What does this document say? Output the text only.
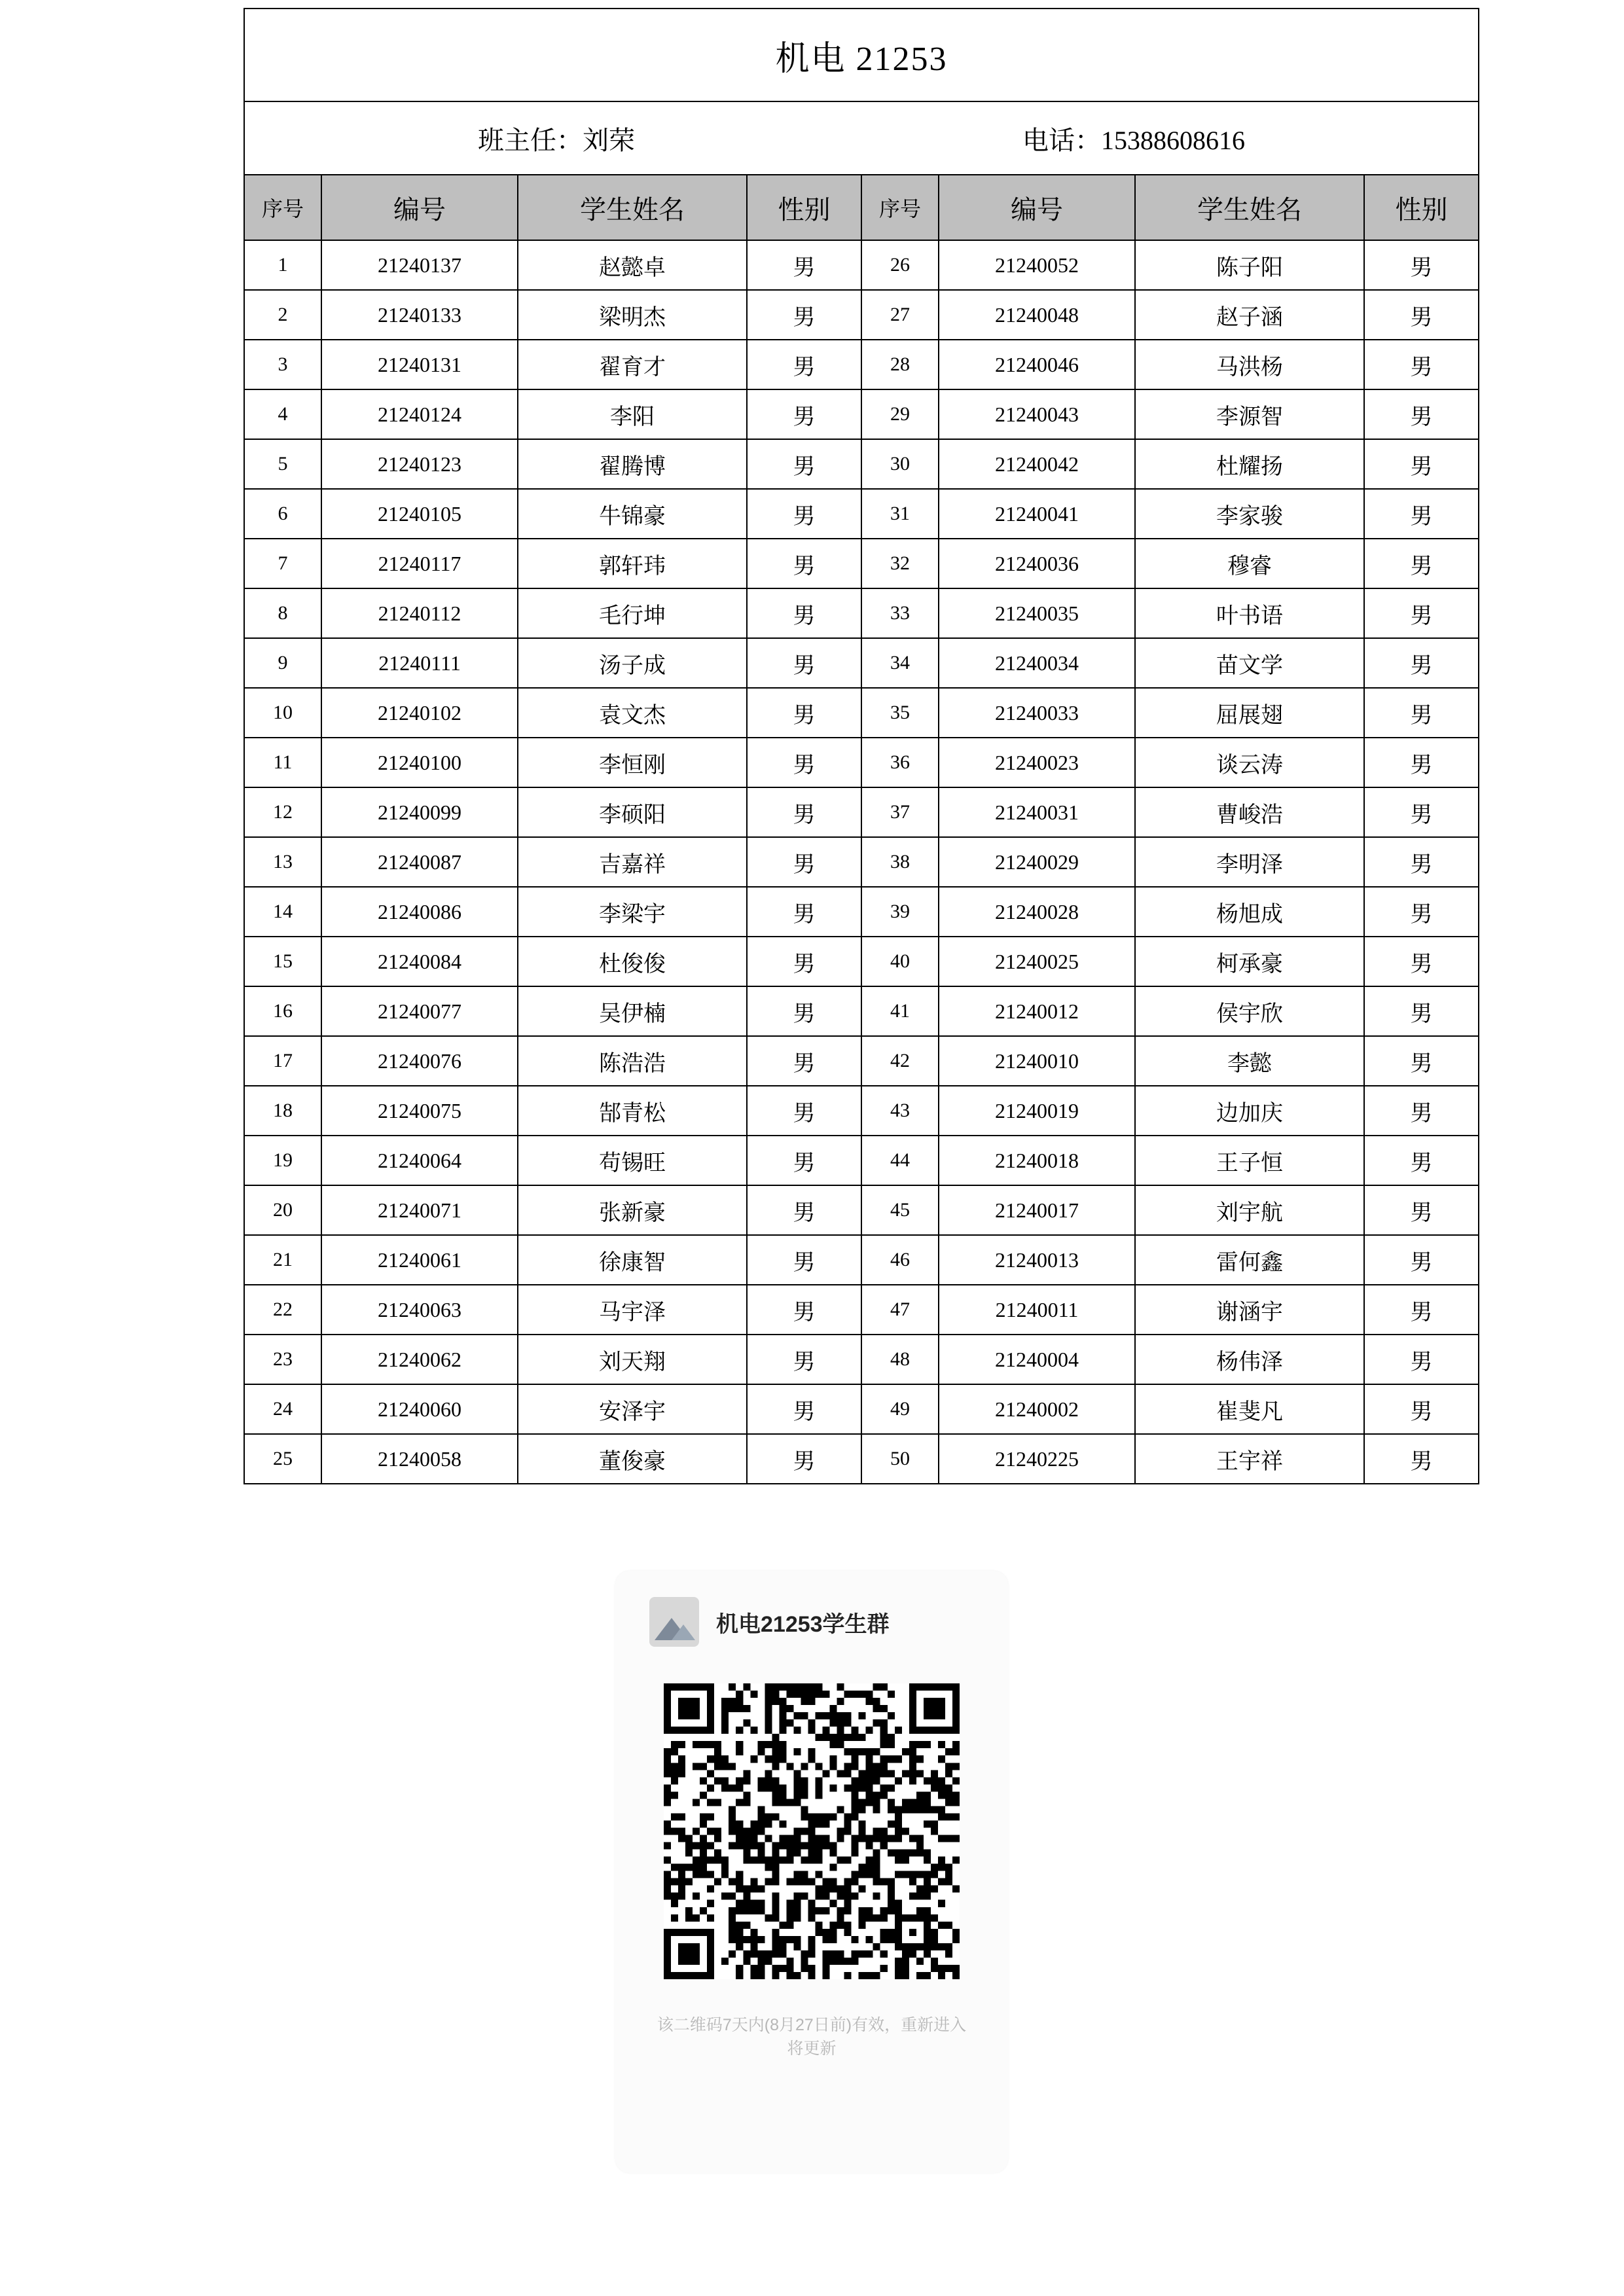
机电 21253							

班主任：刘荣 电话：15388608616							

序号	编号	学生姓名	性别	序号	编号	学生姓名	性别
1	21240137	赵懿卓	男	26	21240052	陈子阳	男
2	21240133	梁明杰	男	27	21240048	赵子涵	男
3	21240131	翟育才	男	28	21240046	马洪杨	男
4	21240124	李阳	男	29	21240043	李源智	男
5	21240123	翟腾博	男	30	21240042	杜耀扬	男
6	21240105	牛锦豪	男	31	21240041	李家骏	男
7	21240117	郭轩玮	男	32	21240036	穆睿	男
8	21240112	毛行坤	男	33	21240035	叶书语	男
9	21240111	汤子成	男	34	21240034	苗文学	男
10	21240102	袁文杰	男	35	21240033	屈展翅	男
11	21240100	李恒刚	男	36	21240023	谈云涛	男
12	21240099	李硕阳	男	37	21240031	曹峻浩	男
13	21240087	吉嘉祥	男	38	21240029	李明泽	男
14	21240086	李梁宇	男	39	21240028	杨旭成	男
15	21240084	杜俊俊	男	40	21240025	柯承豪	男
16	21240077	吴伊楠	男	41	21240012	侯宇欣	男
17	21240076	陈浩浩	男	42	21240010	李懿	男
18	21240075	郜青松	男	43	21240019	边加庆	男
19	21240064	苟锡旺	男	44	21240018	王子恒	男
20	21240071	张新豪	男	45	21240017	刘宇航	男
21	21240061	徐康智	男	46	21240013	雷何鑫	男
22	21240063	马宇泽	男	47	21240011	谢涵宇	男
23	21240062	刘天翔	男	48	21240004	杨伟泽	男
24	21240060	安泽宇	男	49	21240002	崔斐凡	男
25	21240058	董俊豪	男	50	21240225	王宇祥	男
机电21253学生群
该二维码7天内(8月27日前)有效，重新进入将更新
